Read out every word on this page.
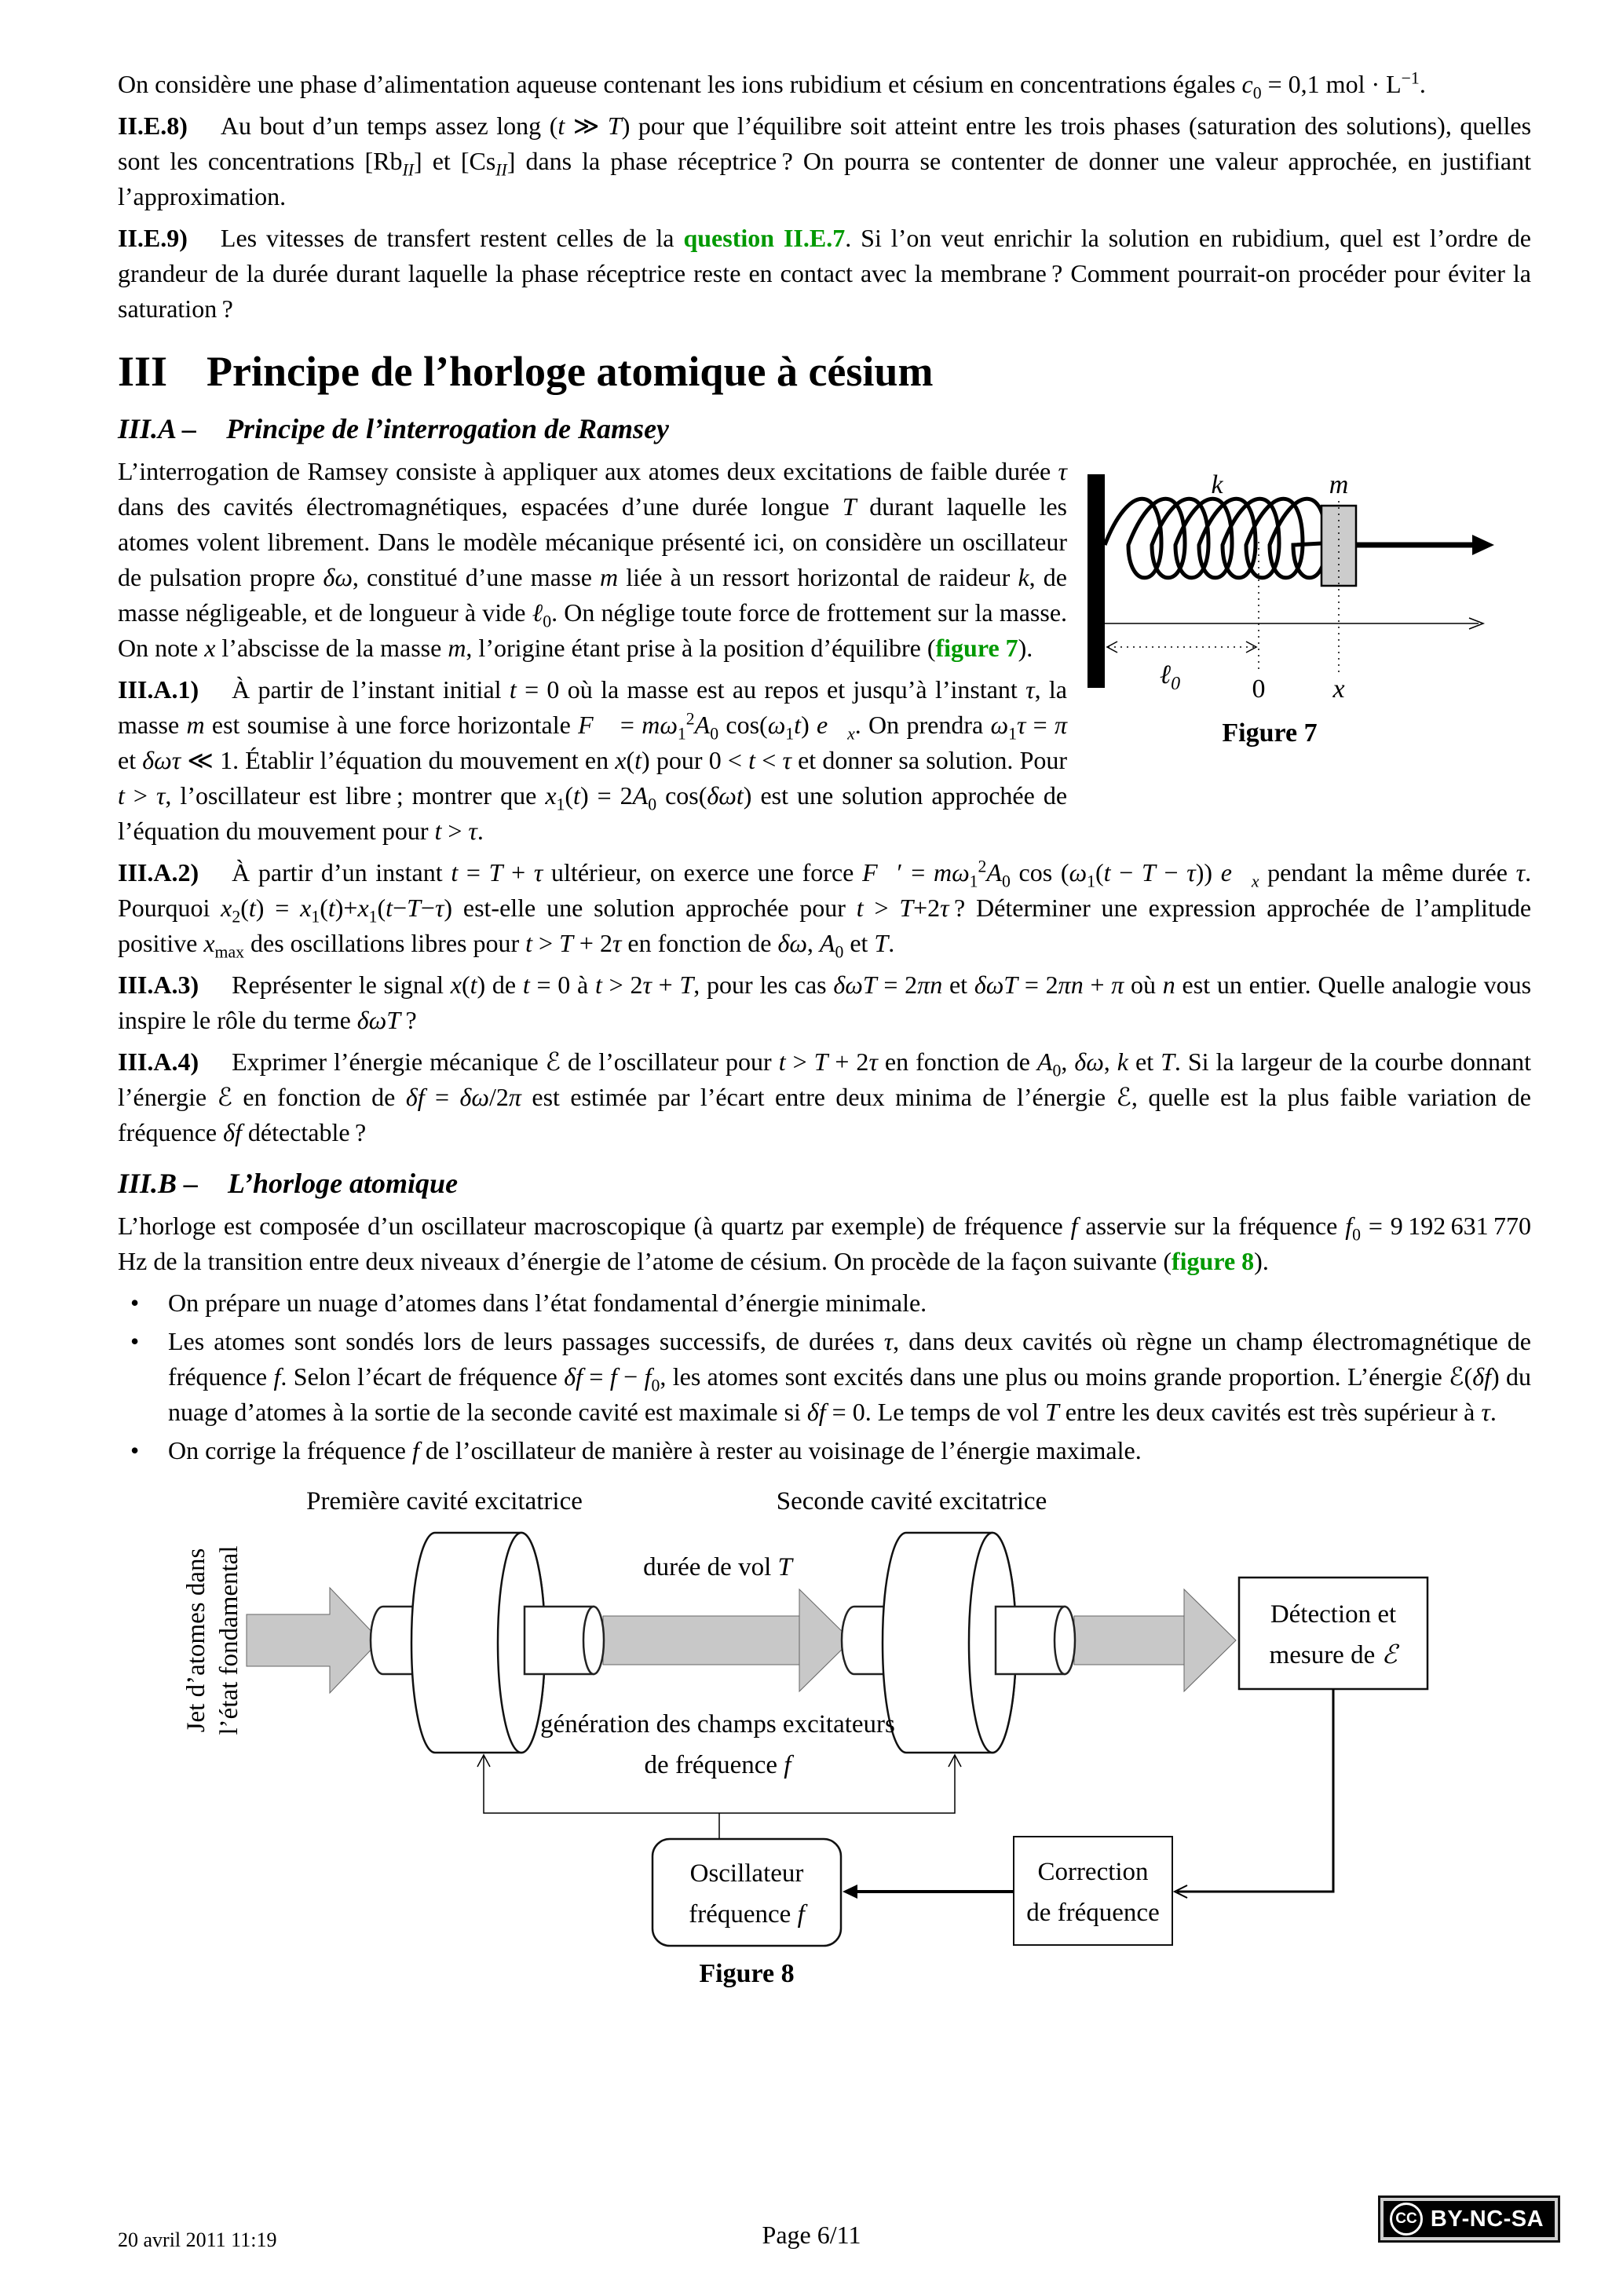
On considère une phase d’alimentation aqueuse contenant les ions rubidium et césium en concentrations égales $c_0 = 0,1$ mol · $L^{-1}$.

II.E.8) Au bout d’un temps assez long (t ≫ T) pour que l’équilibre soit atteint entre les trois phases (saturation des solutions), quelles sont les concentrations $[Rb_{II}]$ et $[Cs_{II}]$ dans la phase réceptrice ? On pourra se contenter de donner une valeur approchée, en justifiant l’approximation.

II.E.9) Les vitesses de transfert restent celles de la question II.E.7. Si l’on veut enrichir la solution en rubidium, quel est l’ordre de grandeur de la durée durant laquelle la phase réceptrice reste en contact avec la membrane ? Comment pourrait-on procéder pour éviter la saturation ?

III Principe de l’horloge atomique à césium
III.A – Principe de l’interrogation de Ramsey
k	m
ℓ$_0$	0	x
Figure 7

L’interrogation de Ramsey consiste à appliquer aux atomes deux excitations de faible durée τ dans des cavités électromagnétiques, espacées d’une durée longue T durant laquelle les atomes volent librement. Dans le modèle mécanique présenté ici, on considère un oscillateur de pulsation propre δω, constitué d’une masse m liée à un ressort horizontal de raideur k, de masse négligeable, et de longueur à vide ℓ$_0$. On néglige toute force de frottement sur la masse. On note x l’abscisse de la masse m, l’origine étant prise à la position d’équilibre (figure 7).

III.A.1) À partir de l’instant initial t = 0 où la masse est au repos et jusqu’à l’instant τ, la masse m est soumise à une force horizontale F⃗ = $m\omega_1^2A_0$ $\cos(\omega_1t)$ $e⃗_x$. On prendra $\omega_1\tau = \pi$ et δωτ ≪ 1. Établir l’équation du mouvement en x(t) pour 0 < t < τ et donner sa solution. Pour t > τ, l’oscillateur est libre ; montrer que $x_1(t) = 2A_0$ cos(δωt) est une solution approchée de l’équation du mouvement pour t > τ.

III.A.2) À partir d’un instant t = T + τ ultérieur, on exerce une force F⃗′ = $m\omega_1^2A_0$ $\cos (\omega_1(t - T - \tau))$ $e⃗_x$ pendant la même durée τ. Pourquoi $x_2(t) = x_1(t)+x_1(t-T-\tau)$ est-elle une solution approchée pour t > T+2τ ? Déterminer une expression approchée de l’amplitude positive $x_{max}$ des oscillations libres pour t > T + 2τ en fonction de δω, $A_0$ et T.

III.A.3) Représenter le signal x(t) de t = 0 à t > 2τ + T, pour les cas δωT = 2πn et δωT = 2πn + π où n est un entier. Quelle analogie vous inspire le rôle du terme δωT ?

III.A.4) Exprimer l’énergie mécanique ℰ de l’oscillateur pour t > T + 2τ en fonction de $A_0$, δω, k et T. Si la largeur de la courbe donnant l’énergie ℰ en fonction de δf = δω/2π est estimée par l’écart entre deux minima de l’énergie ℰ, quelle est la plus faible variation de fréquence δf détectable ?

III.B – L’horloge atomique

L’horloge est composée d’un oscillateur macroscopique (à quartz par exemple) de fréquence f asservie sur la fréquence $f_0 = 9$ 192 631 770 Hz de la transition entre deux niveaux d’énergie de l’atome de césium. On procède de la façon suivante (figure 8).

• On prépare un nuage d’atomes dans l’état fondamental d’énergie minimale.
• Les atomes sont sondés lors de leurs passages successifs, de durées τ, dans deux cavités où règne un champ électromagnétique de fréquence f. Selon l’écart de fréquence $\delta f = f - f_0$, les atomes sont excités dans une plus ou moins grande proportion. L’énergie ℰ(δf) du nuage d’atomes à la sortie de la seconde cavité est maximale si δf = 0. Le temps de vol T entre les deux cavités est très supérieur à τ.
• On corrige la fréquence f de l’oscillateur de manière à rester au voisinage de l’énergie maximale.
Première cavité excitatrice	Seconde cavité excitatrice
Jet d’atomes dans l’état fondamental	durée de vol T
Détection et
mesure de ℰ
génération des champs excitateurs
de fréquence f
Oscillateur
fréquence f
Correction
de fréquence
Figure 8
20 avril 2011 11:19	Page 6/11
CC BY-NC-SA
